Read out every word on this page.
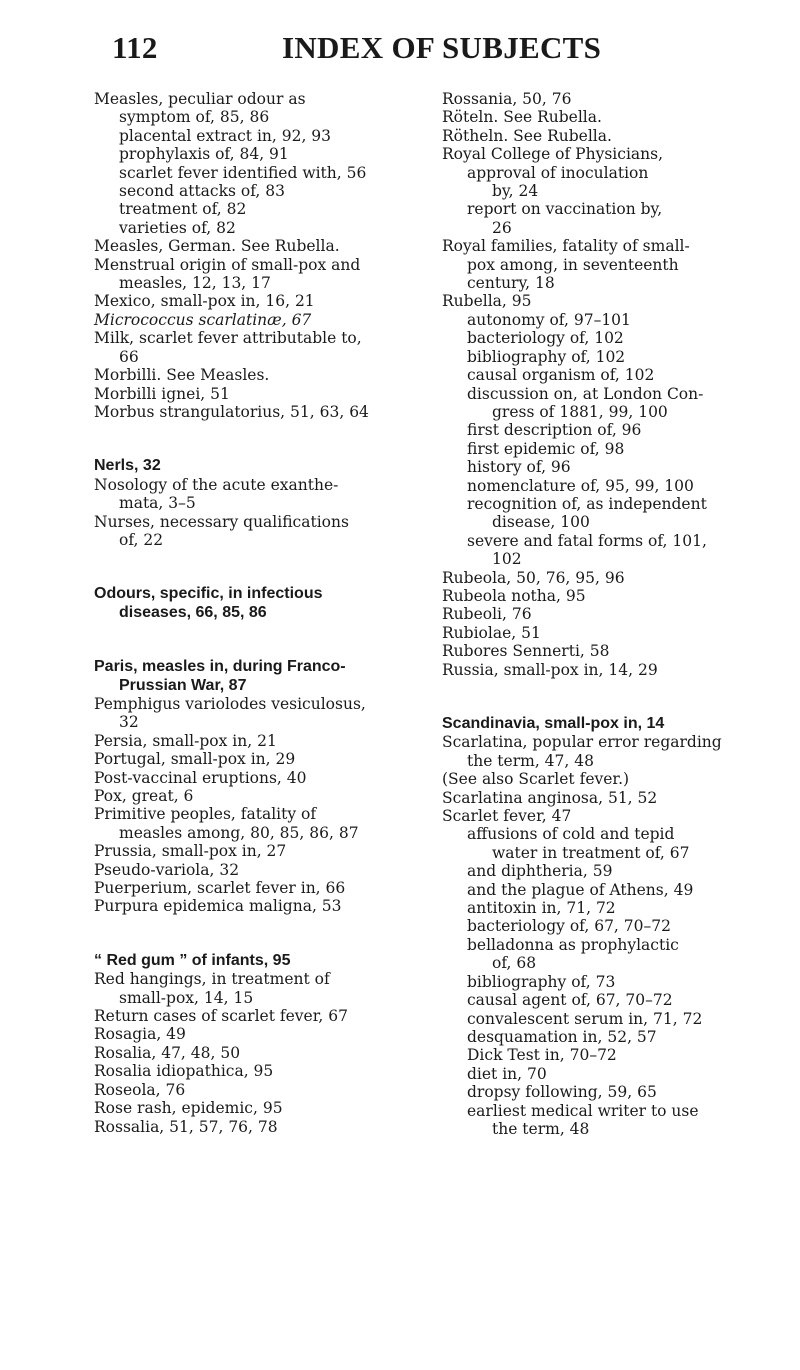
112	INDEX OF SUBJECTS
Measles, peculiar odour as
symptom of, 85, 86
placental extract in, 92, 93
prophylaxis of, 84, 91
scarlet fever identified with, 56
second attacks of, 83
treatment of, 82
varieties of, 82
Measles, German. See Rubella.
Menstrual origin of small-pox and
measles, 12, 13, 17
Mexico, small-pox in, 16, 21
Micrococcus scarlatinæ, 67
Milk, scarlet fever attributable to,
66
Morbilli. See Measles.
Morbilli ignei, 51
Morbus strangulatorius, 51, 63, 64
Nerls, 32
Nosology of the acute exanthe-
mata, 3–5
Nurses, necessary qualifications
of, 22
Odours, specific, in infectious
diseases, 66, 85, 86
Paris, measles in, during Franco-
Prussian War, 87
Pemphigus variolodes vesiculosus,
32
Persia, small-pox in, 21
Portugal, small-pox in, 29
Post-vaccinal eruptions, 40
Pox, great, 6
Primitive peoples, fatality of
measles among, 80, 85, 86, 87
Prussia, small-pox in, 27
Pseudo-variola, 32
Puerperium, scarlet fever in, 66
Purpura epidemica maligna, 53
“ Red gum ” of infants, 95
Red hangings, in treatment of
small-pox, 14, 15
Return cases of scarlet fever, 67
Rosagia, 49
Rosalia, 47, 48, 50
Rosalia idiopathica, 95
Roseola, 76
Rose rash, epidemic, 95
Rossalia, 51, 57, 76, 78
Rossania, 50, 76
Röteln. See Rubella.
Rötheln. See Rubella.
Royal College of Physicians,
approval of inoculation
by, 24
report on vaccination by,
26
Royal families, fatality of small-
pox among, in seventeenth
century, 18
Rubella, 95
autonomy of, 97–101
bacteriology of, 102
bibliography of, 102
causal organism of, 102
discussion on, at London Con-
gress of 1881, 99, 100
first description of, 96
first epidemic of, 98
history of, 96
nomenclature of, 95, 99, 100
recognition of, as independent
disease, 100
severe and fatal forms of, 101,
102
Rubeola, 50, 76, 95, 96
Rubeola notha, 95
Rubeoli, 76
Rubiolae, 51
Rubores Sennerti, 58
Russia, small-pox in, 14, 29
Scandinavia, small-pox in, 14
Scarlatina, popular error regarding
the term, 47, 48
(See also Scarlet fever.)
Scarlatina anginosa, 51, 52
Scarlet fever, 47
affusions of cold and tepid
water in treatment of, 67
and diphtheria, 59
and the plague of Athens, 49
antitoxin in, 71, 72
bacteriology of, 67, 70–72
belladonna as prophylactic
of, 68
bibliography of, 73
causal agent of, 67, 70–72
convalescent serum in, 71, 72
desquamation in, 52, 57
Dick Test in, 70–72
diet in, 70
dropsy following, 59, 65
earliest medical writer to use
the term, 48
